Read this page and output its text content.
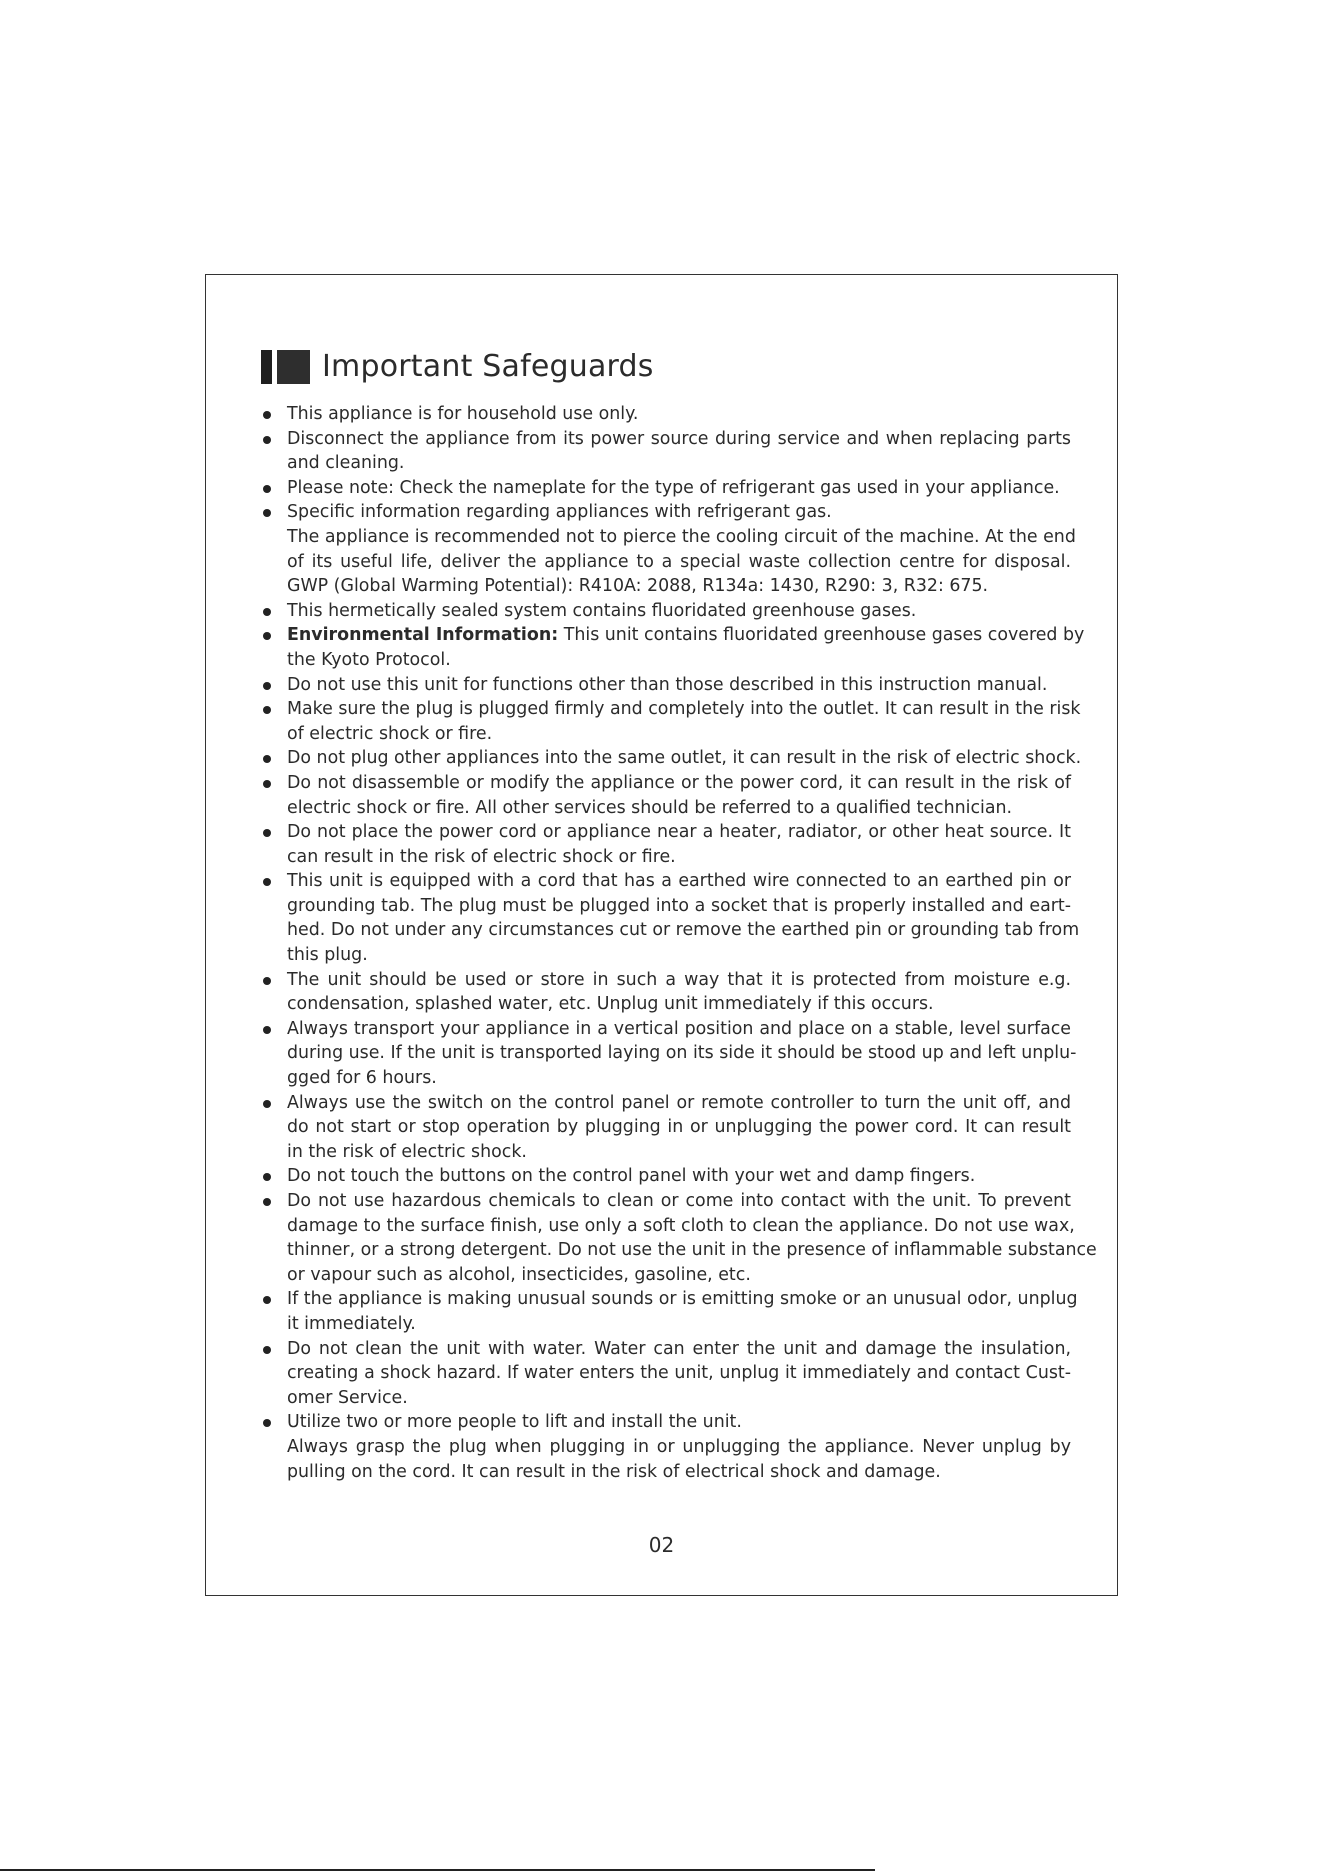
Important Safeguards
This appliance is for household use only.
Disconnect the appliance from its power source during service and when replacing parts
and cleaning.
Please note: Check the nameplate for the type of refrigerant gas used in your appliance.
Specific information regarding appliances with refrigerant gas.
The appliance is recommended not to pierce the cooling circuit of the machine. At the end
of its useful life, deliver the appliance to a special waste collection centre for disposal.
GWP (Global Warming Potential): R410A: 2088, R134a: 1430, R290: 3, R32: 675.
This hermetically sealed system contains fluoridated greenhouse gases.
Environmental Information: This unit contains fluoridated greenhouse gases covered by
the Kyoto Protocol.
Do not use this unit for functions other than those described in this instruction manual.
Make sure the plug is plugged firmly and completely into the outlet. It can result in the risk
of electric shock or fire.
Do not plug other appliances into the same outlet, it can result in the risk of electric shock.
Do not disassemble or modify the appliance or the power cord, it can result in the risk of
electric shock or fire. All other services should be referred to a qualified technician.
Do not place the power cord or appliance near a heater, radiator, or other heat source. It
can result in the risk of electric shock or fire.
This unit is equipped with a cord that has a earthed wire connected to an earthed pin or
grounding tab. The plug must be plugged into a socket that is properly installed and eart-
hed. Do not under any circumstances cut or remove the earthed pin or grounding tab from
this plug.
The unit should be used or store in such a way that it is protected from moisture e.g.
condensation, splashed water, etc. Unplug unit immediately if this occurs.
Always transport your appliance in a vertical position and place on a stable, level surface
during use. If the unit is transported laying on its side it should be stood up and left unplu-
gged for 6 hours.
Always use the switch on the control panel or remote controller to turn the unit off, and
do not start or stop operation by plugging in or unplugging the power cord. It can result
in the risk of electric shock.
Do not touch the buttons on the control panel with your wet and damp fingers.
Do not use hazardous chemicals to clean or come into contact with the unit. To prevent
damage to the surface finish, use only a soft cloth to clean the appliance. Do not use wax,
thinner, or a strong detergent. Do not use the unit in the presence of inflammable substance
or vapour such as alcohol, insecticides, gasoline, etc.
If the appliance is making unusual sounds or is emitting smoke or an unusual odor, unplug
it immediately.
Do not clean the unit with water. Water can enter the unit and damage the insulation,
creating a shock hazard. If water enters the unit, unplug it immediately and contact Cust-
omer Service.
Utilize two or more people to lift and install the unit.
Always grasp the plug when plugging in or unplugging the appliance. Never unplug by
pulling on the cord. It can result in the risk of electrical shock and damage.
02
